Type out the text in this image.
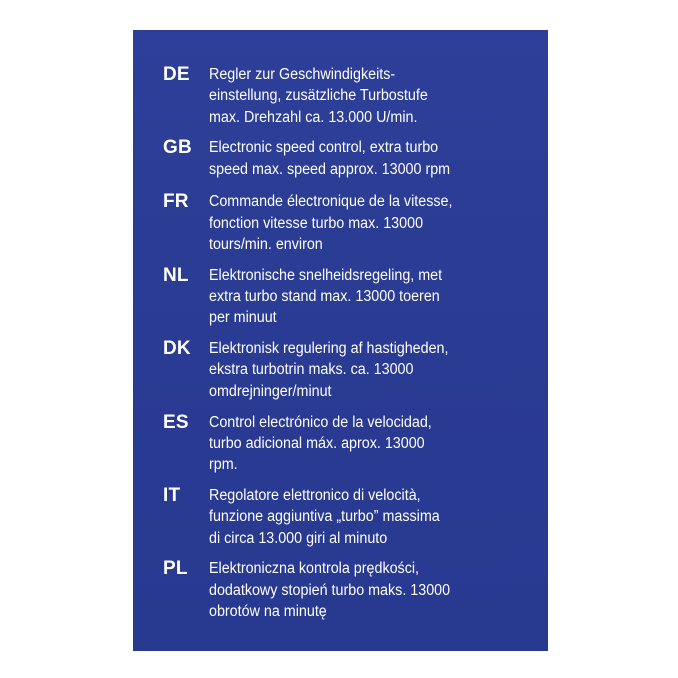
DE Regler zur Geschwindigkeits-
einstellung, zusätzliche Turbostufe
max. Drehzahl ca. 13.000 U/min.
GB Electronic speed control, extra turbo
speed max. speed approx. 13000 rpm
FR Commande électronique de la vitesse,
fonction vitesse turbo max. 13000
tours/min. environ
NL Elektronische snelheidsregeling, met
extra turbo stand max. 13000 toeren
per minuut
DK Elektronisk regulering af hastigheden,
ekstra turbotrin maks. ca. 13000
omdrejninger/minut
ES Control electrónico de la velocidad,
turbo adicional máx. aprox. 13000
rpm.
IT Regolatore elettronico di velocità,
funzione aggiuntiva „turbo” massima
di circa 13.000 giri al minuto
PL Elektroniczna kontrola prędkości,
dodatkowy stopień turbo maks. 13000
obrotów na minutę
